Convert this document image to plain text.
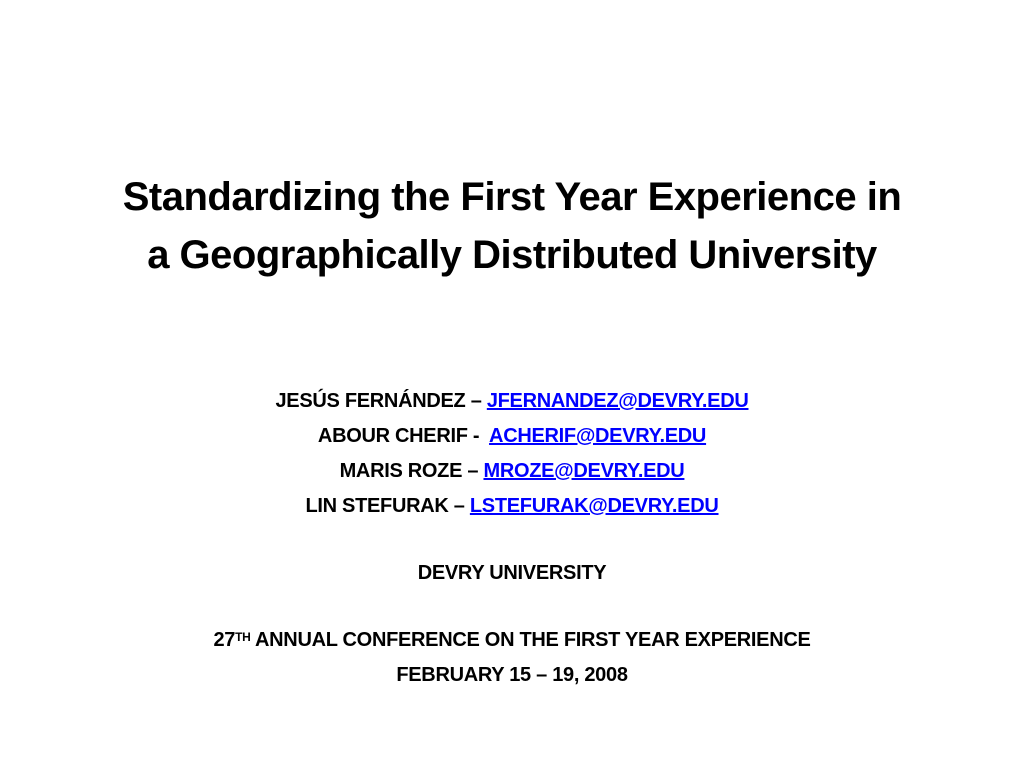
Standardizing the First Year Experience in
a Geographically Distributed University
JESÚS FERNÁNDEZ – JFERNANDEZ@DEVRY.EDU
ABOUR CHERIF -  ACHERIF@DEVRY.EDU
MARIS ROZE – MROZE@DEVRY.EDU
LIN STEFURAK – LSTEFURAK@DEVRY.EDU
DEVRY UNIVERSITY
27TH ANNUAL CONFERENCE ON THE FIRST YEAR EXPERIENCE
FEBRUARY 15 – 19, 2008
